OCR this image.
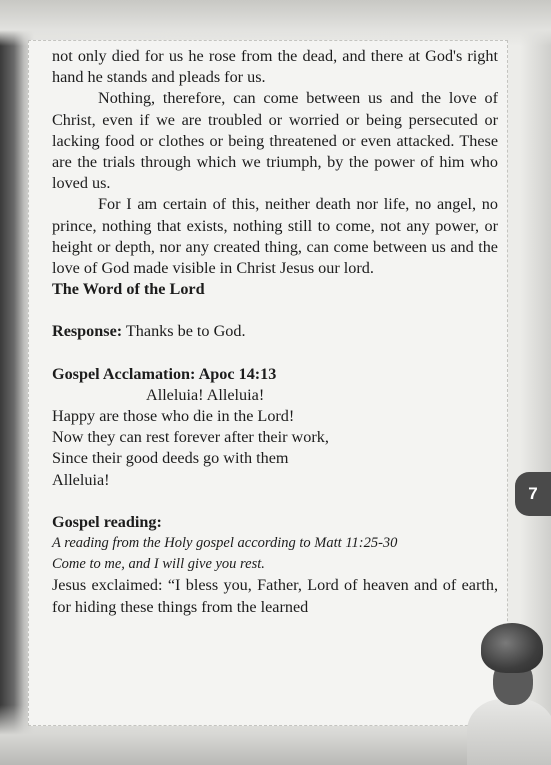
not only died for us he rose from the dead, and there at God's right hand he stands and pleads for us.

Nothing, therefore, can come between us and the love of Christ, even if we are troubled or worried or being persecuted or lacking food or clothes or being threatened or even attacked. These are the trials through which we triumph, by the power of him who loved us.

For I am certain of this, neither death nor life, no angel, no prince, nothing that exists, nothing still to come, not any power, or height or depth, nor any created thing, can come between us and the love of God made visible in Christ Jesus our lord.

The Word of the Lord

Response: Thanks be to God.

Gospel Acclamation: Apoc 14:13

Alleluia! Alleluia!

Happy are those who die in the Lord!

Now they can rest forever after their work,

Since their good deeds go with them

Alleluia!

Gospel reading:

A reading from the Holy gospel according to Matt 11:25-30

Come to me, and I will give you rest.

Jesus exclaimed: “I bless you, Father, Lord of heaven and of earth, for hiding these things from the learned

7
